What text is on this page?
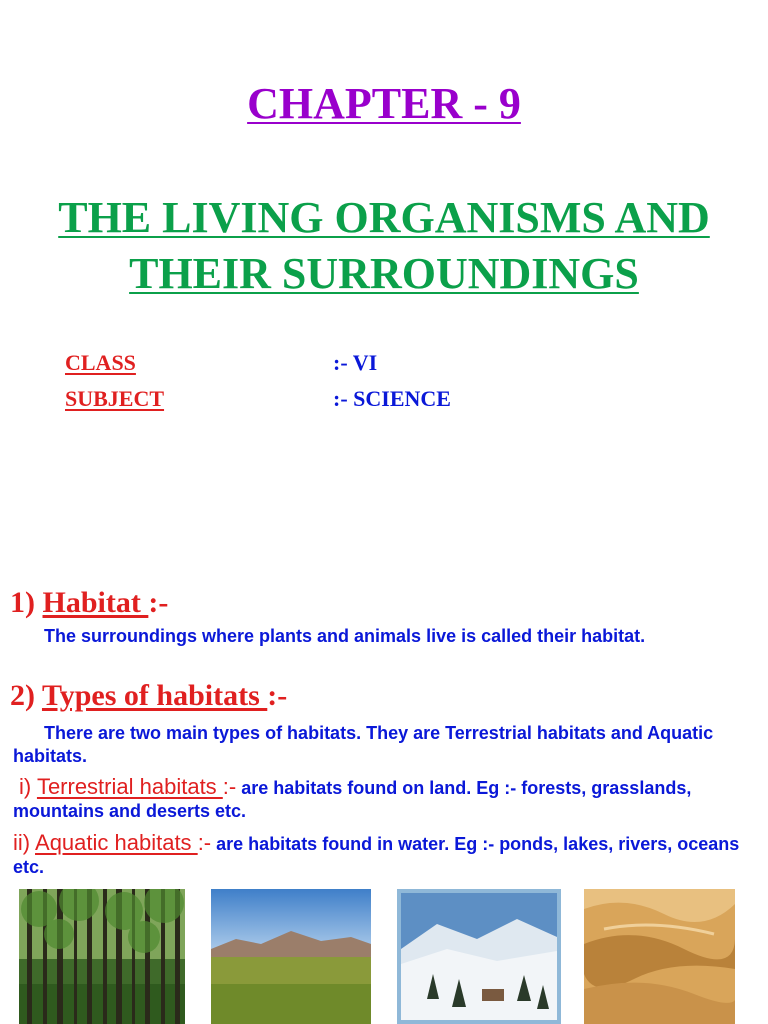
CHAPTER - 9
THE LIVING ORGANISMS AND
THEIR SURROUNDINGS
CLASS	:- VI
SUBJECT	:- SCIENCE
1) Habitat :-
The surroundings where plants and animals live is called their habitat.
2) Types of habitats :-
There are two main types of habitats. They are Terrestrial habitats and Aquatic habitats.
i) Terrestrial habitats :- are habitats found on land. Eg :- forests, grasslands, mountains and deserts etc.
ii) Aquatic habitats :- are habitats found in water. Eg :- ponds, lakes, rivers, oceans etc.
